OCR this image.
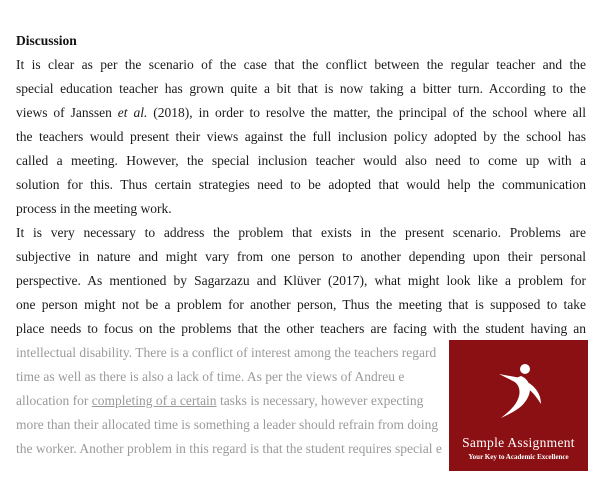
Discussion
It is clear as per the scenario of the case that the conflict between the regular teacher and the
special education teacher has grown quite a bit that is now taking a bitter turn. According to the
views of Janssen et al. (2018), in order to resolve the matter, the principal of the school where all
the teachers would present their views against the full inclusion policy adopted by the school has
called a meeting. However, the special inclusion teacher would also need to come up with a
solution for this. Thus certain strategies need to be adopted that would help the communication
process in the meeting work.
It is very necessary to address the problem that exists in the present scenario. Problems are
subjective in nature and might vary from one person to another depending upon their personal
perspective. As mentioned by Sagarzazu and Klüver (2017), what might look like a problem for
one person might not be a problem for another person, Thus the meeting that is supposed to take
place needs to focus on the problems that the other teachers are facing with the student having an
intellectual disability. There is a conflict of interest among the teachers regard
time as well as there is also a lack of time. As per the views of Andreu e
allocation for completing of a certain tasks is necessary, however expecting
more than their allocated time is something a leader should refrain from doing
the worker. Another problem in this regard is that the student requires special e	Sample Assignment
Your Key to Academic Excellence
